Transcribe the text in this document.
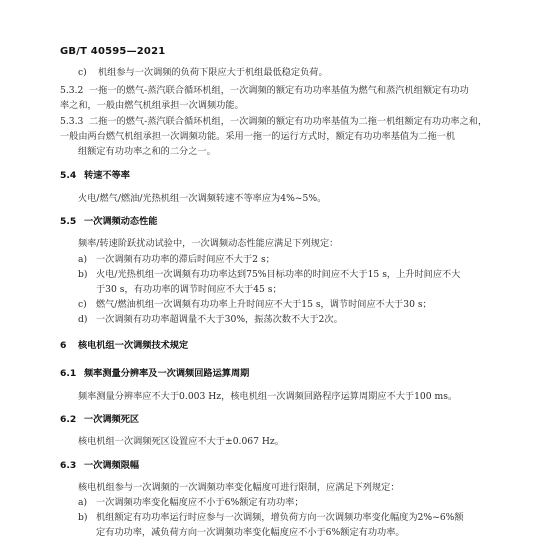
GB/T 40595—2021
c) 机组参与一次调频的负荷下限应大于机组最低稳定负荷。
5.3.2 一拖一的燃气-蒸汽联合循环机组，一次调频的额定有功功率基值为燃气和蒸汽机组额定有功功
率之和，一般由燃气机组承担一次调频功能。
5.3.3 二拖一的燃气-蒸汽联合循环机组，一次调频的额定有功功率基值为二拖一机组额定有功功率之和，
一般由两台燃气机组承担一次调频功能。采用一拖一的运行方式时，额定有功功率基值为二拖一机
组额定有功功率之和的二分之一。
5.4 转速不等率
火电/燃气/燃油/光热机组一次调频转速不等率应为4%~5%。
5.5 一次调频动态性能
频率/转速阶跃扰动试验中，一次调频动态性能应满足下列规定：
a) 一次调频有功功率的滞后时间应不大于2 s；
b) 火电/光热机组一次调频有功功率达到75%目标功率的时间应不大于15 s，上升时间应不大
于30 s，有功功率的调节时间应不大于45 s；
c) 燃气/燃油机组一次调频有功功率上升时间应不大于15 s，调节时间应不大于30 s；
d) 一次调频有功功率超调量不大于30%，振荡次数不大于2次。
6 核电机组一次调频技术规定
6.1 频率测量分辨率及一次调频回路运算周期
频率测量分辨率应不大于0.003 Hz，核电机组一次调频回路程序运算周期应不大于100 ms。
6.2 一次调频死区
核电机组一次调频死区设置应不大于±0.067 Hz。
6.3 一次调频限幅
核电机组参与一次调频的一次调频功率变化幅度可进行限制，应满足下列规定：
a) 一次调频功率变化幅度应不小于6%额定有功功率；
b) 机组额定有功功率运行时应参与一次调频，增负荷方向一次调频功率变化幅度为2%~6%额
定有功功率，减负荷方向一次调频功率变化幅度应不小于6%额定有功功率。
